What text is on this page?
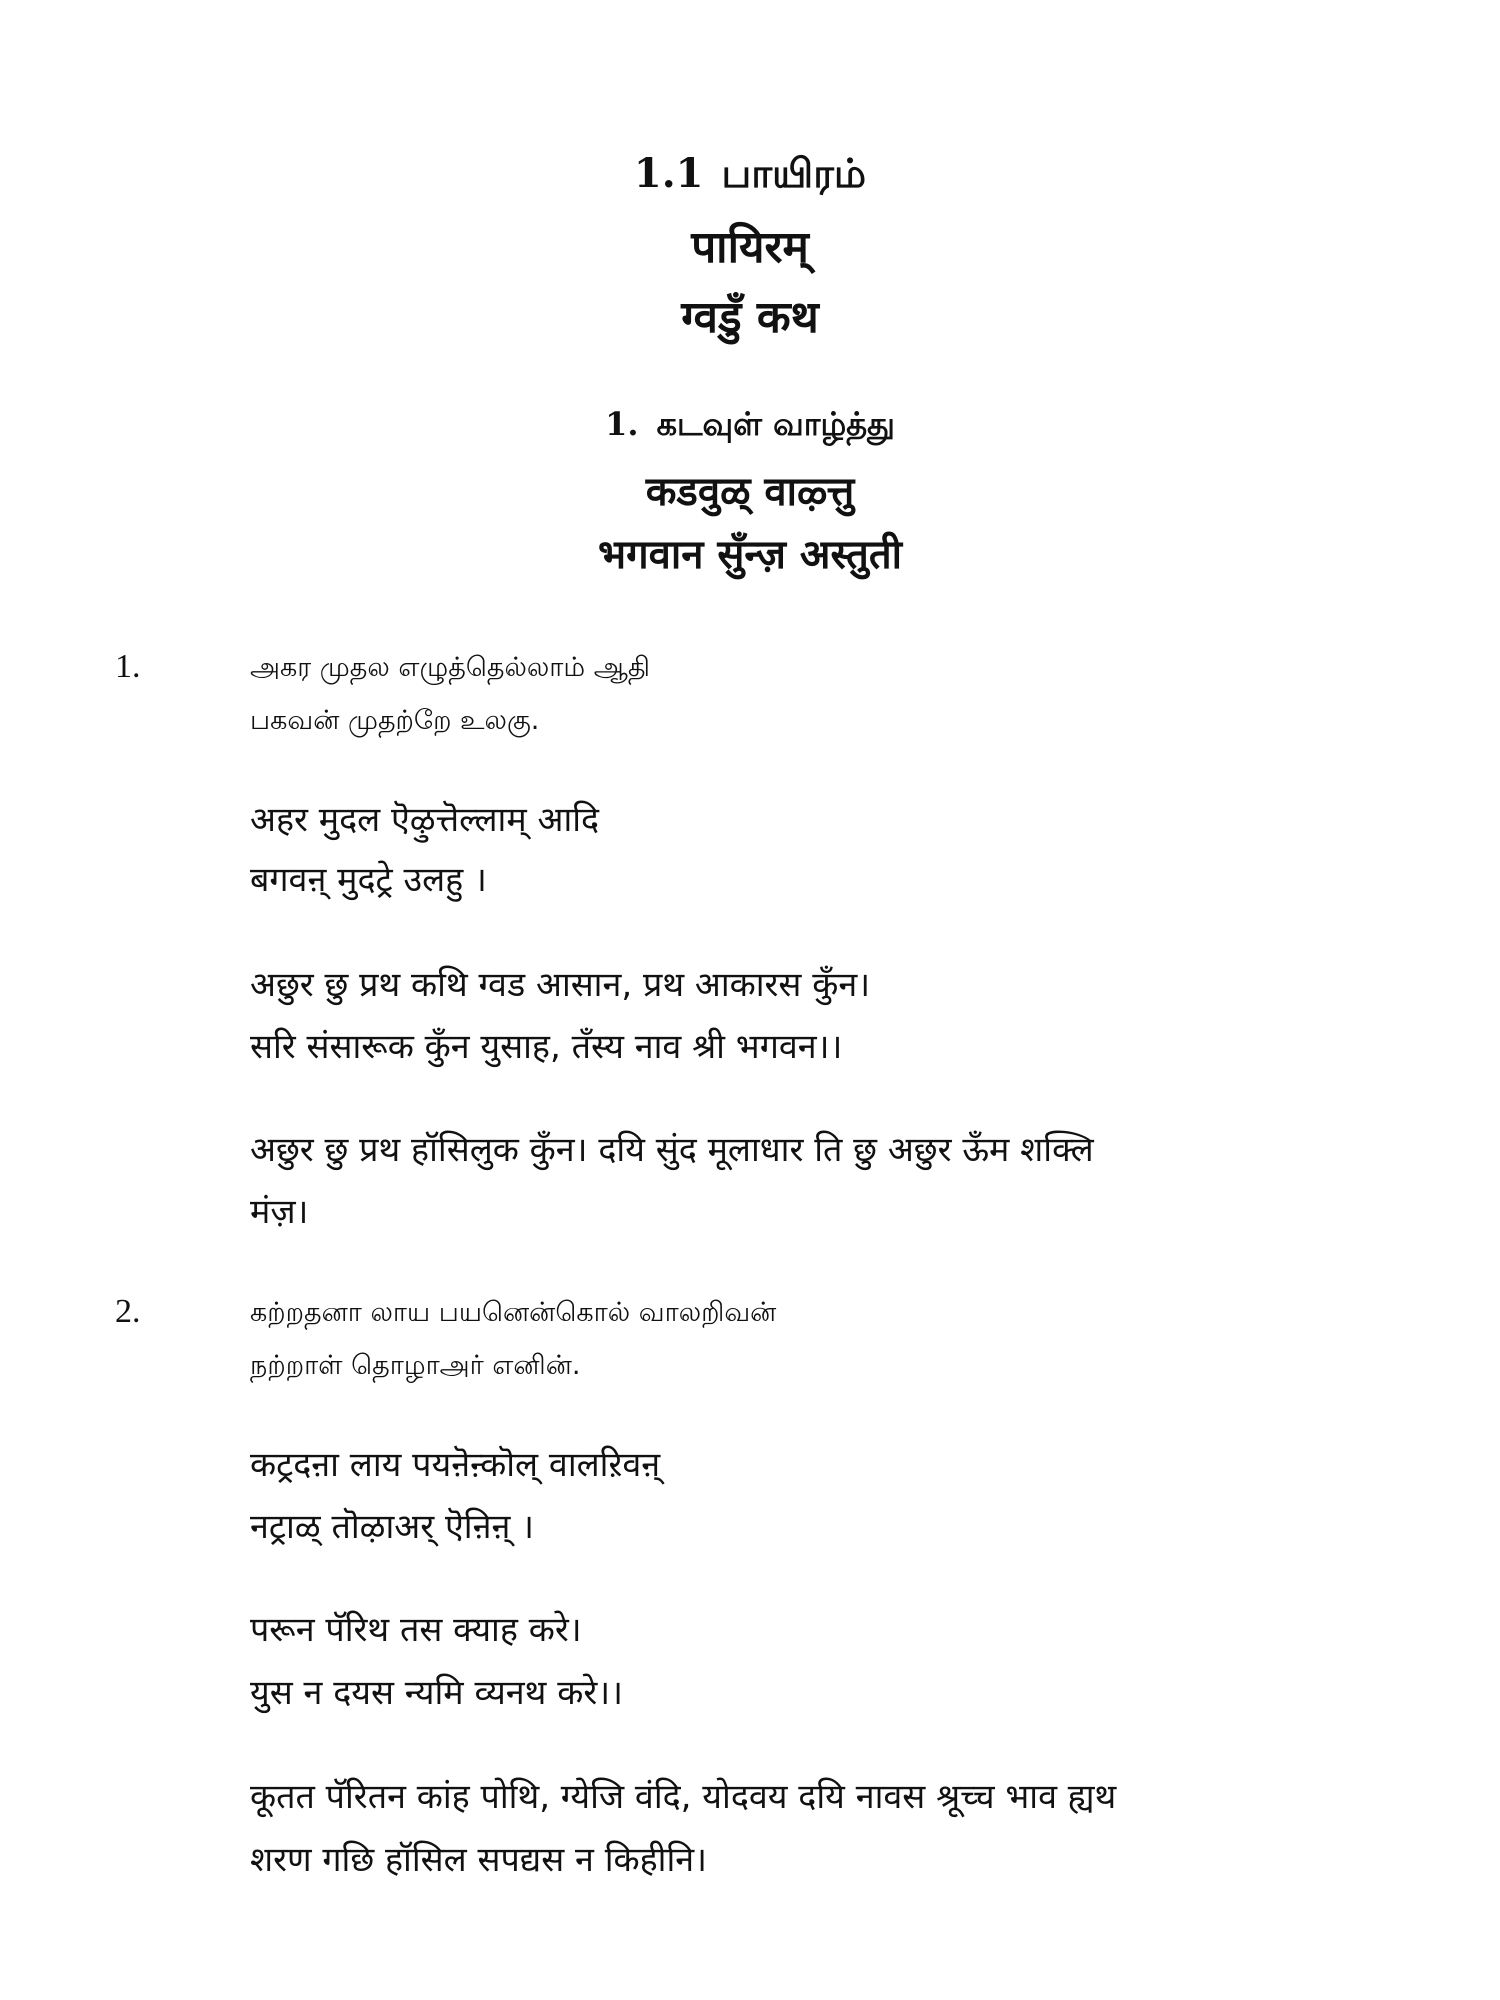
1.1 பாயிரம்
पायिरम्
ग्वडुँ कथ
1. கடவுள் வாழ்த்து
कडवुळ् वाऴ्त्तु
भगवान सुँन्ज़ अस्तुती
1.	அகர முதல எழுத்தெல்லாம் ஆதி
பகவன் முதற்றே உலகு.
अहर मुदल ऎऴुत्तॆल्लाम् आदि
बगवऩ् मुदट्रे उलहु ।
अछुर छु प्रथ कथि ग्वड आसान, प्रथ आकारस कुँन।
सरि संसारूक कुँन युसाह, तँस्य नाव श्री भगवन।।
अछुर छु प्रथ हॉसिलुक कुँन। दयि सुंद मूलाधार ति छु अछुर ऊँम शक्लि
मंज़।
2.	கற்றதனா லாய பயனென்கொல் வாலறிவன்
நற்றாள் தொழாஅர் எனின்.
कट्रदऩा लाय पयऩॆऩ्कॊल् वालऱिवऩ्
नट्राळ् तॊऴाअर् ऎऩिऩ् ।
परून पॅरिथ तस क्याह करे।
युस न दयस न्यमि व्यनथ करे।।
कूतत पॅरितन कांह पोथि, ग्येजि वंदि, योदवय दयि नावस श्रूच्च भाव ह्यथ
शरण गछि हॉसिल सपद्यस न किहीनि।
